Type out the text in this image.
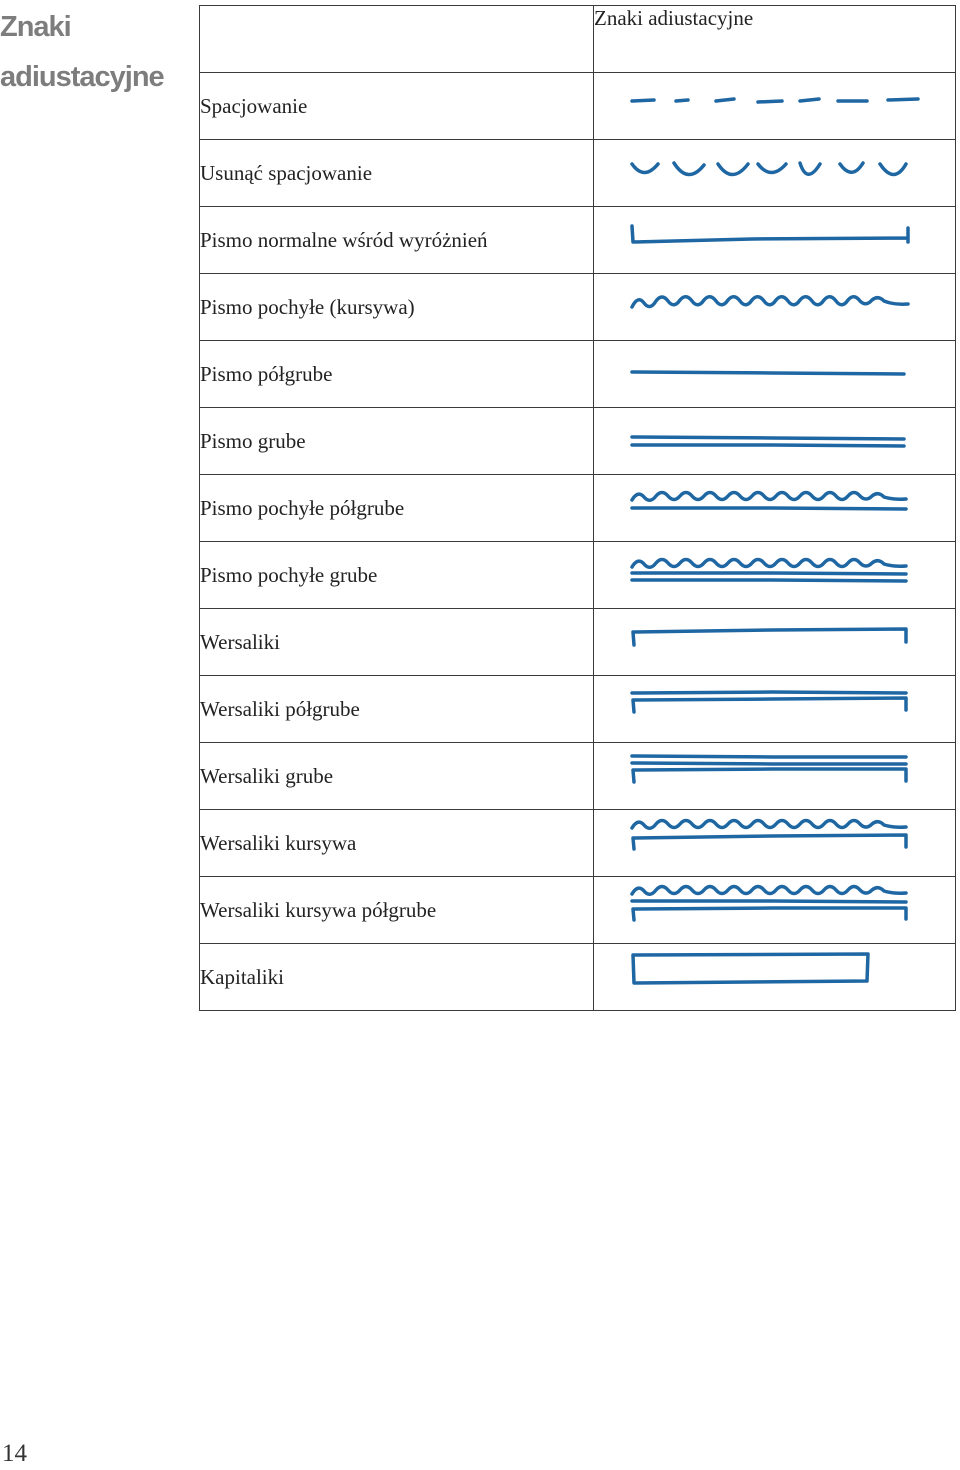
Znaki
adiustacyjne
	Znaki adiustacyjne
Spacjowanie	

Usunąć spacjowanie	

Pismo normalne wśród wyróżnień	

Pismo pochyłe (kursywa)	

Pismo półgrube	

Pismo grube	

Pismo pochyłe półgrube	

Pismo pochyłe grube	

Wersaliki	

Wersaliki półgrube	

Wersaliki grube	

Wersaliki kursywa	

Wersaliki kursywa półgrube	

Kapitaliki	
14
